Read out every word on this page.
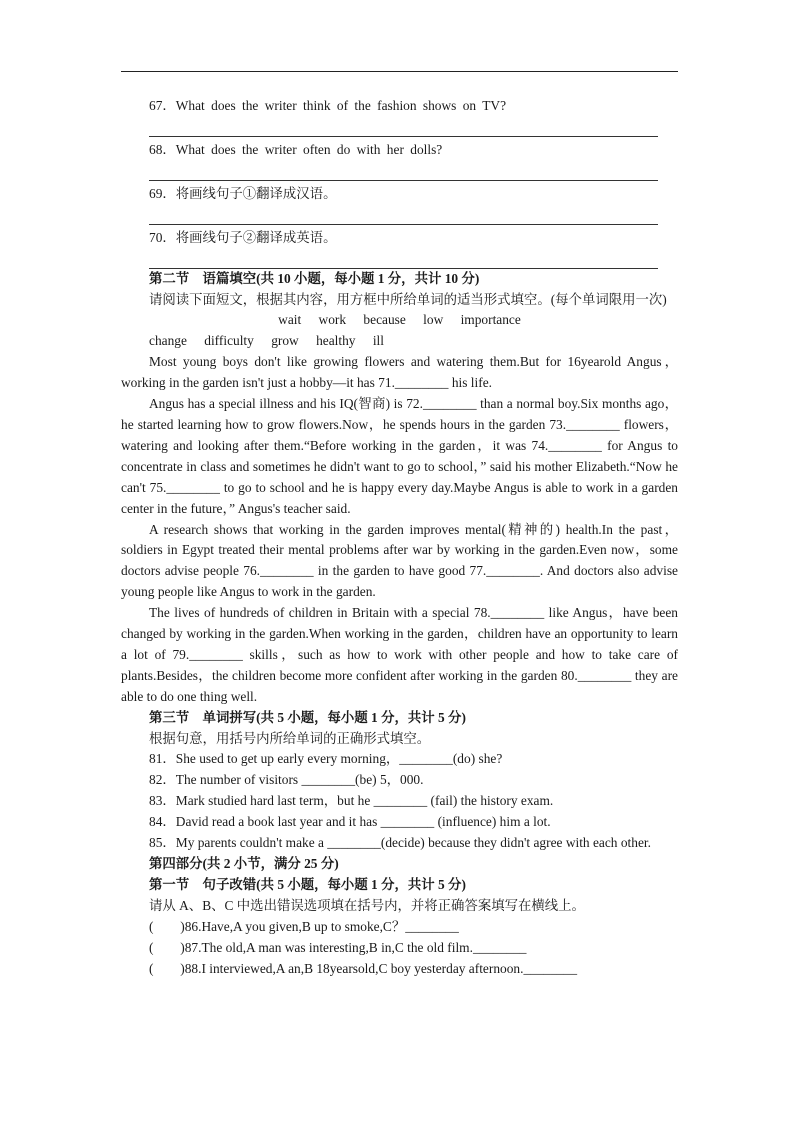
67．What does the writer think of the fashion shows on TV?

68．What does the writer often do with her dolls?

69．将画线句子①翻译成汉语。

70．将画线句子②翻译成英语。

第二节　语篇填空(共 10 小题，每小题 1 分，共计 10 分)

请阅读下面短文，根据其内容，用方框中所给单词的适当形式填空。(每个单词限用一次)

wait work because low importance

change difficulty grow healthy ill

Most young boys don't like growing flowers and watering them.But for 16yearold Angus，working in the garden isn't just a hobby—it has 71.________ his life.

Angus has a special illness and his IQ(智商) is 72.________ than a normal boy.Six months ago，he started learning how to grow flowers.Now，he spends hours in the garden 73.________ flowers，watering and looking after them.“Before working in the garden，it was 74.________ for Angus to concentrate in class and sometimes he didn't want to go to school，” said his mother Elizabeth.“Now he can't 75.________ to go to school and he is happy every day.Maybe Angus is able to work in a garden center in the future，” Angus's teacher said.

A research shows that working in the garden improves mental(精神的) health.In the past，soldiers in Egypt treated their mental problems after war by working in the garden.Even now，some doctors advise people 76.________ in the garden to have good 77.________. And doctors also advise young people like Angus to work in the garden.

The lives of hundreds of children in Britain with a special 78.________ like Angus，have been changed by working in the garden.When working in the garden，children have an opportunity to learn a lot of 79.________ skills，such as how to work with other people and how to take care of plants.Besides，the children become more confident after working in the garden 80.________ they are able to do one thing well.

第三节　单词拼写(共 5 小题，每小题 1 分，共计 5 分)

根据句意，用括号内所给单词的正确形式填空。

81．She used to get up early every morning，________(do) she?

82．The number of visitors ________(be) 5，000.

83．Mark studied hard last term，but he ________ (fail) the history exam.

84．David read a book last year and it has ________ (influence) him a lot.

85．My parents couldn't make a ________(decide) because they didn't agree with each other.

第四部分(共 2 小节，满分 25 分)

第一节　句子改错(共 5 小题，每小题 1 分，共计 5 分)

请从 A、B、C 中选出错误选项填在括号内，并将正确答案填写在横线上。

(　　)86.Have,A you given,B up to smoke,C？________

(　　)87.The old,A man was interesting,B in,C the old film.________

(　　)88.I interviewed,A an,B 18yearsold,C boy yesterday afternoon.________
